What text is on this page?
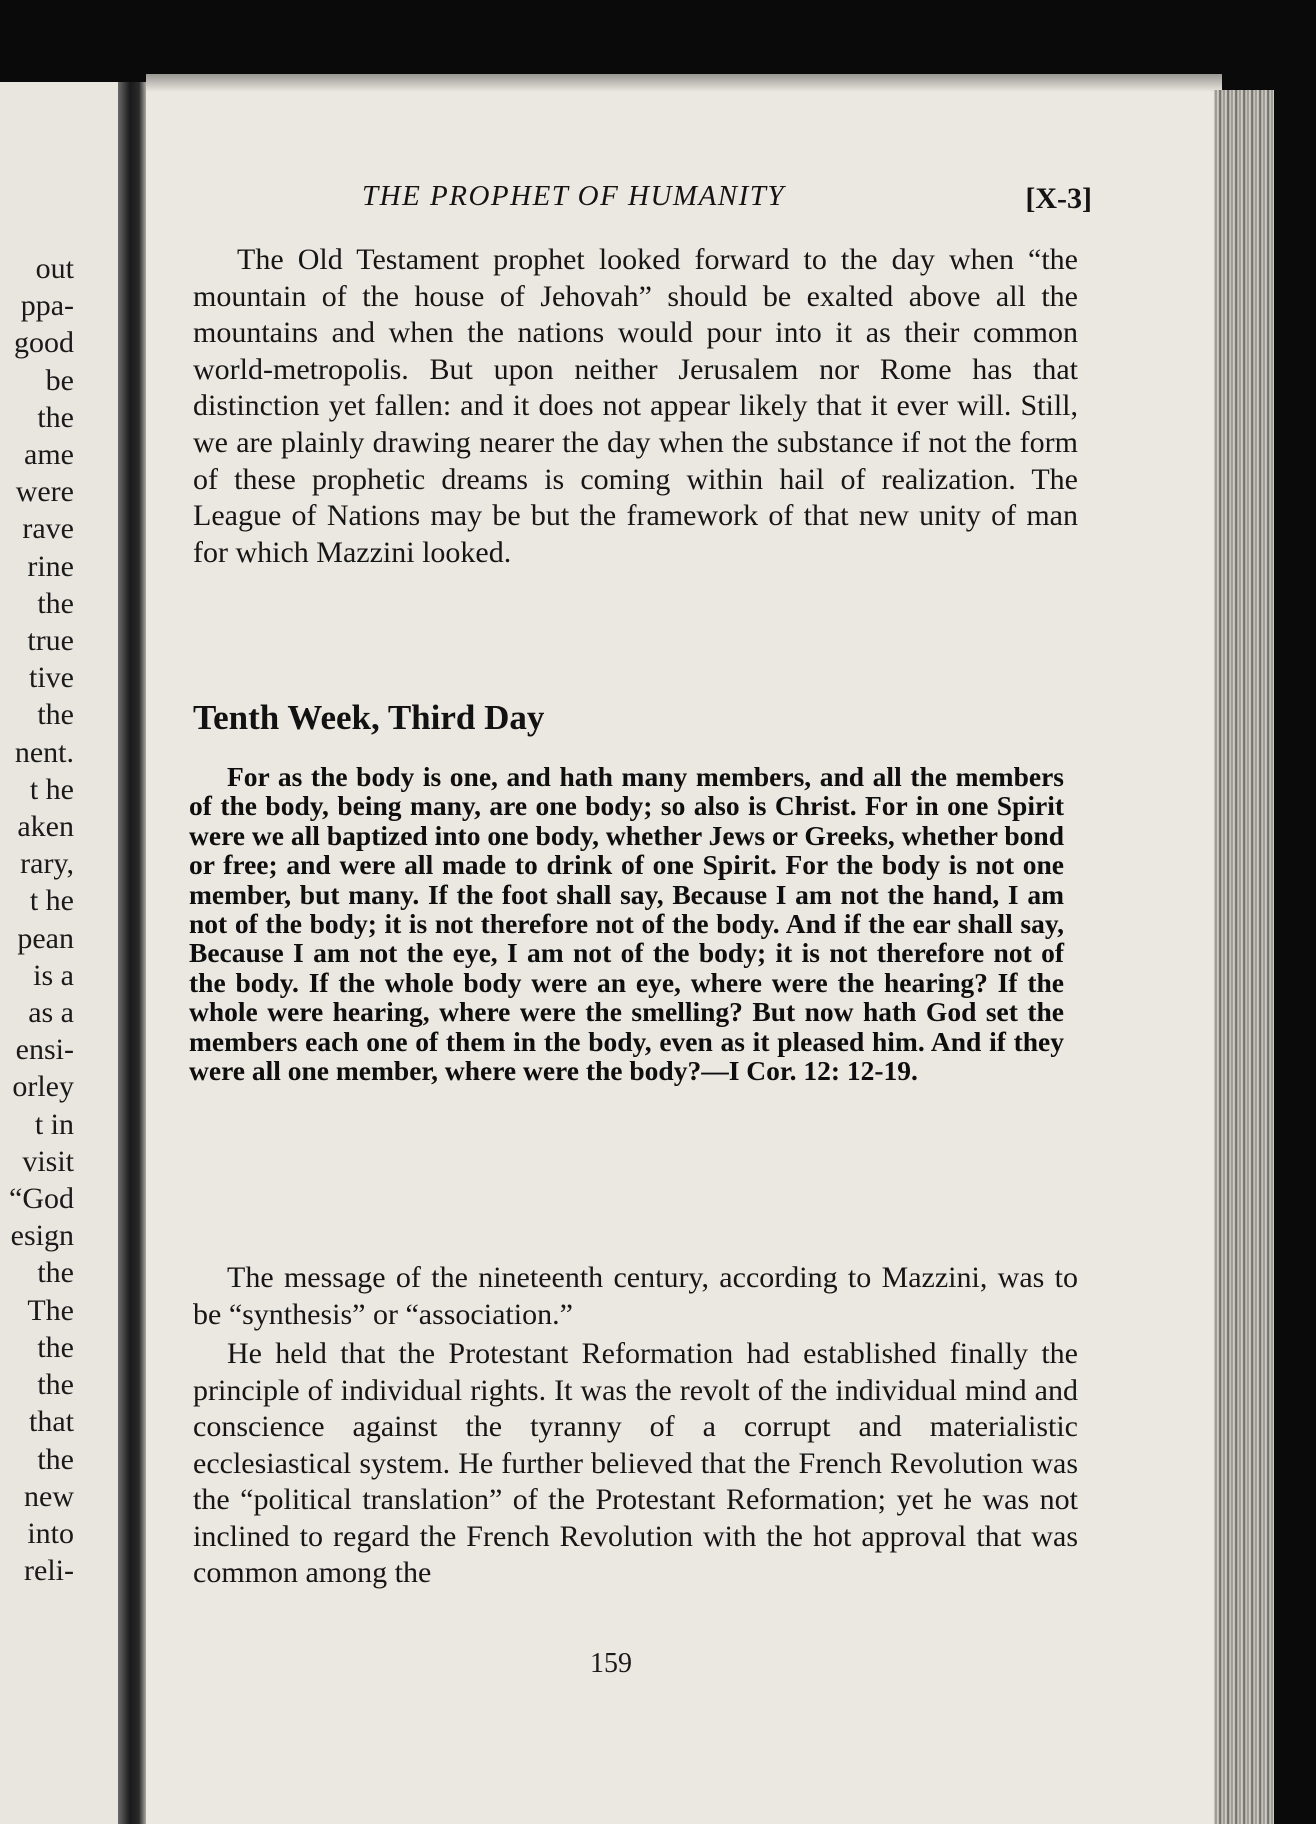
out
ppa-
good
be
the
ame
were
rave
rine
the
true
tive
the
nent.
t he
aken
rary,
t he
pean
is a
as a
ensi-
orley
t in
visit
“God
esign
the
The
the
the
that
the
new
into
reli-
THE PROPHET OF HUMANITY	[X-3]
The Old Testament prophet looked forward to the day when “the mountain of the house of Jehovah” should be exalted above all the mountains and when the nations would pour into it as their common world-metropolis. But upon neither Jerusalem nor Rome has that distinction yet fallen: and it does not appear likely that it ever will. Still, we are plainly drawing nearer the day when the substance if not the form of these prophetic dreams is coming within hail of realization. The League of Nations may be but the framework of that new unity of man for which Mazzini looked.
Tenth Week, Third Day
For as the body is one, and hath many members, and all the members of the body, being many, are one body; so also is Christ. For in one Spirit were we all baptized into one body, whether Jews or Greeks, whether bond or free; and were all made to drink of one Spirit. For the body is not one member, but many. If the foot shall say, Because I am not the hand, I am not of the body; it is not therefore not of the body. And if the ear shall say, Because I am not the eye, I am not of the body; it is not therefore not of the body. If the whole body were an eye, where were the hearing? If the whole were hearing, where were the smelling? But now hath God set the members each one of them in the body, even as it pleased him. And if they were all one member, where were the body?—I Cor. 12: 12-19.
The message of the nineteenth century, according to Mazzini, was to be “synthesis” or “association.”
He held that the Protestant Reformation had established finally the principle of individual rights. It was the revolt of the individual mind and conscience against the tyranny of a corrupt and materialistic ecclesiastical system. He further believed that the French Revolution was the “political translation” of the Protestant Reformation; yet he was not inclined to regard the French Revolution with the hot approval that was common among the
159
